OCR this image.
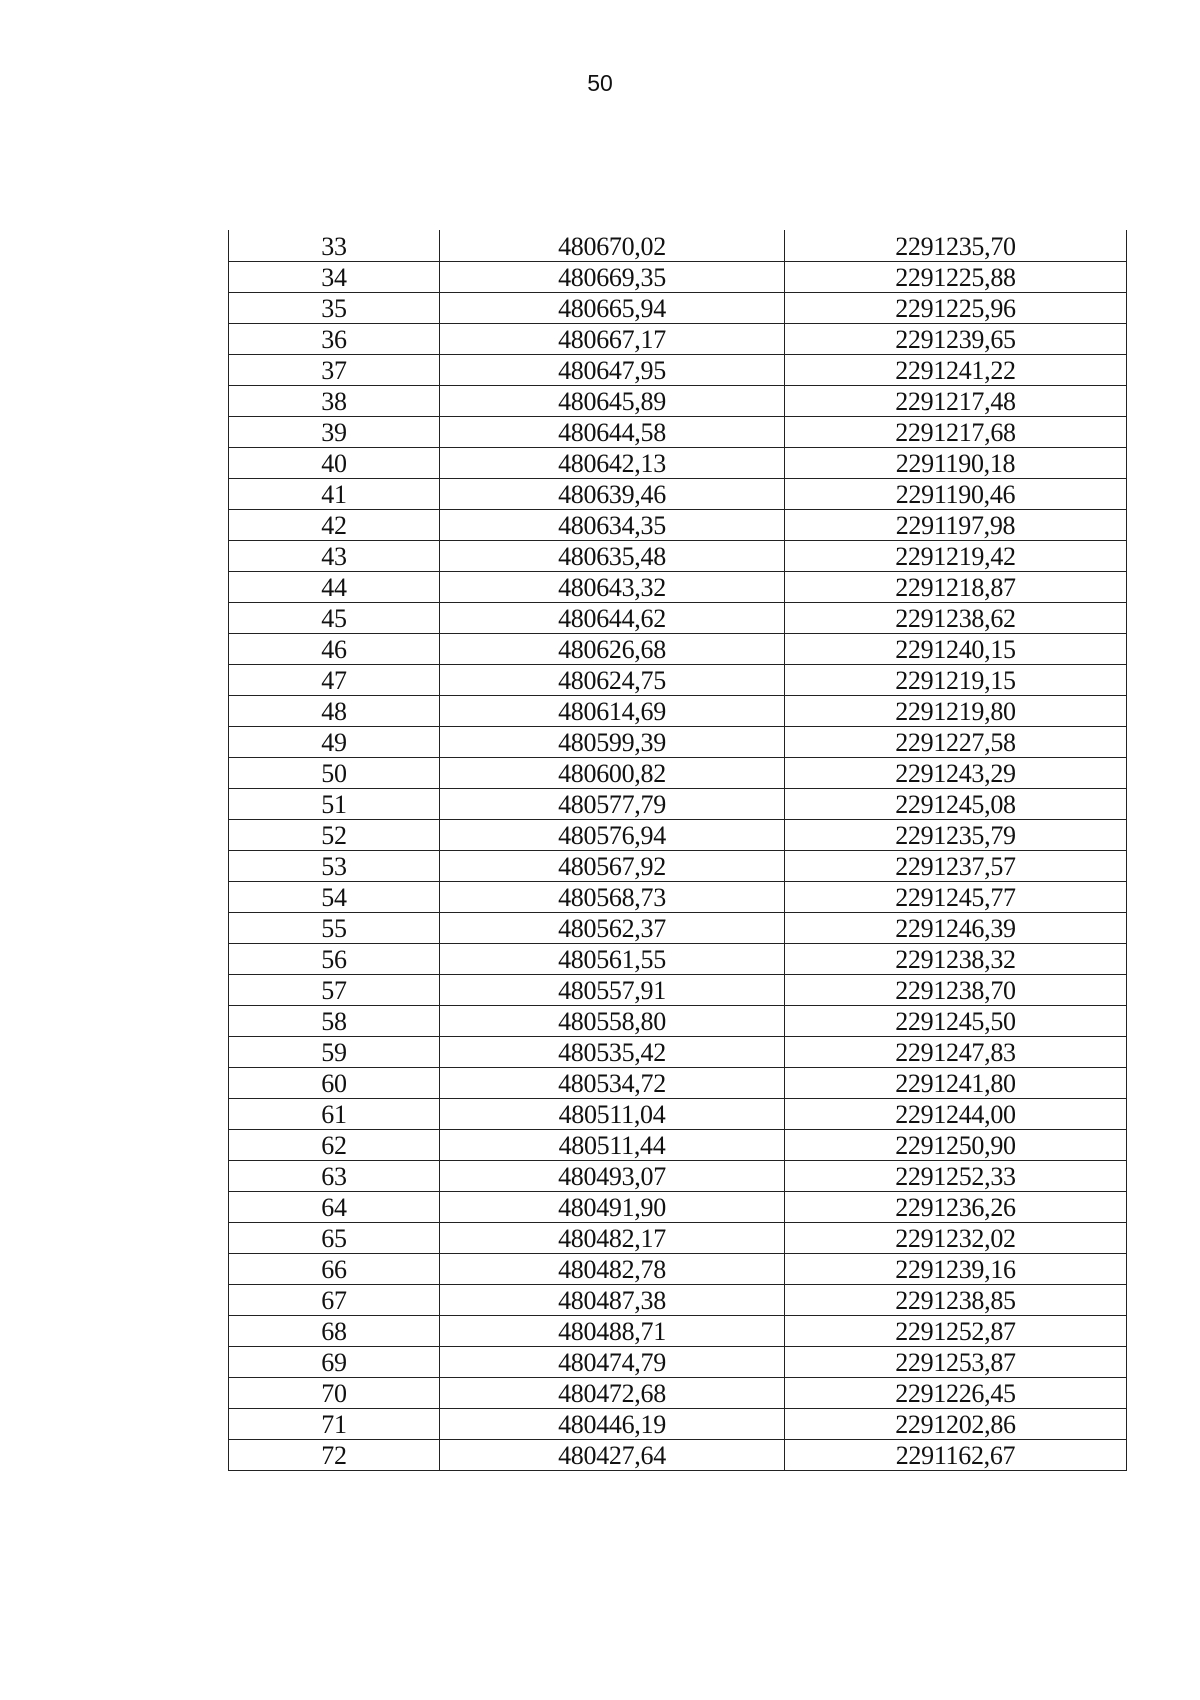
50
33	480670,02	2291235,70
34	480669,35	2291225,88
35	480665,94	2291225,96
36	480667,17	2291239,65
37	480647,95	2291241,22
38	480645,89	2291217,48
39	480644,58	2291217,68
40	480642,13	2291190,18
41	480639,46	2291190,46
42	480634,35	2291197,98
43	480635,48	2291219,42
44	480643,32	2291218,87
45	480644,62	2291238,62
46	480626,68	2291240,15
47	480624,75	2291219,15
48	480614,69	2291219,80
49	480599,39	2291227,58
50	480600,82	2291243,29
51	480577,79	2291245,08
52	480576,94	2291235,79
53	480567,92	2291237,57
54	480568,73	2291245,77
55	480562,37	2291246,39
56	480561,55	2291238,32
57	480557,91	2291238,70
58	480558,80	2291245,50
59	480535,42	2291247,83
60	480534,72	2291241,80
61	480511,04	2291244,00
62	480511,44	2291250,90
63	480493,07	2291252,33
64	480491,90	2291236,26
65	480482,17	2291232,02
66	480482,78	2291239,16
67	480487,38	2291238,85
68	480488,71	2291252,87
69	480474,79	2291253,87
70	480472,68	2291226,45
71	480446,19	2291202,86
72	480427,64	2291162,67
